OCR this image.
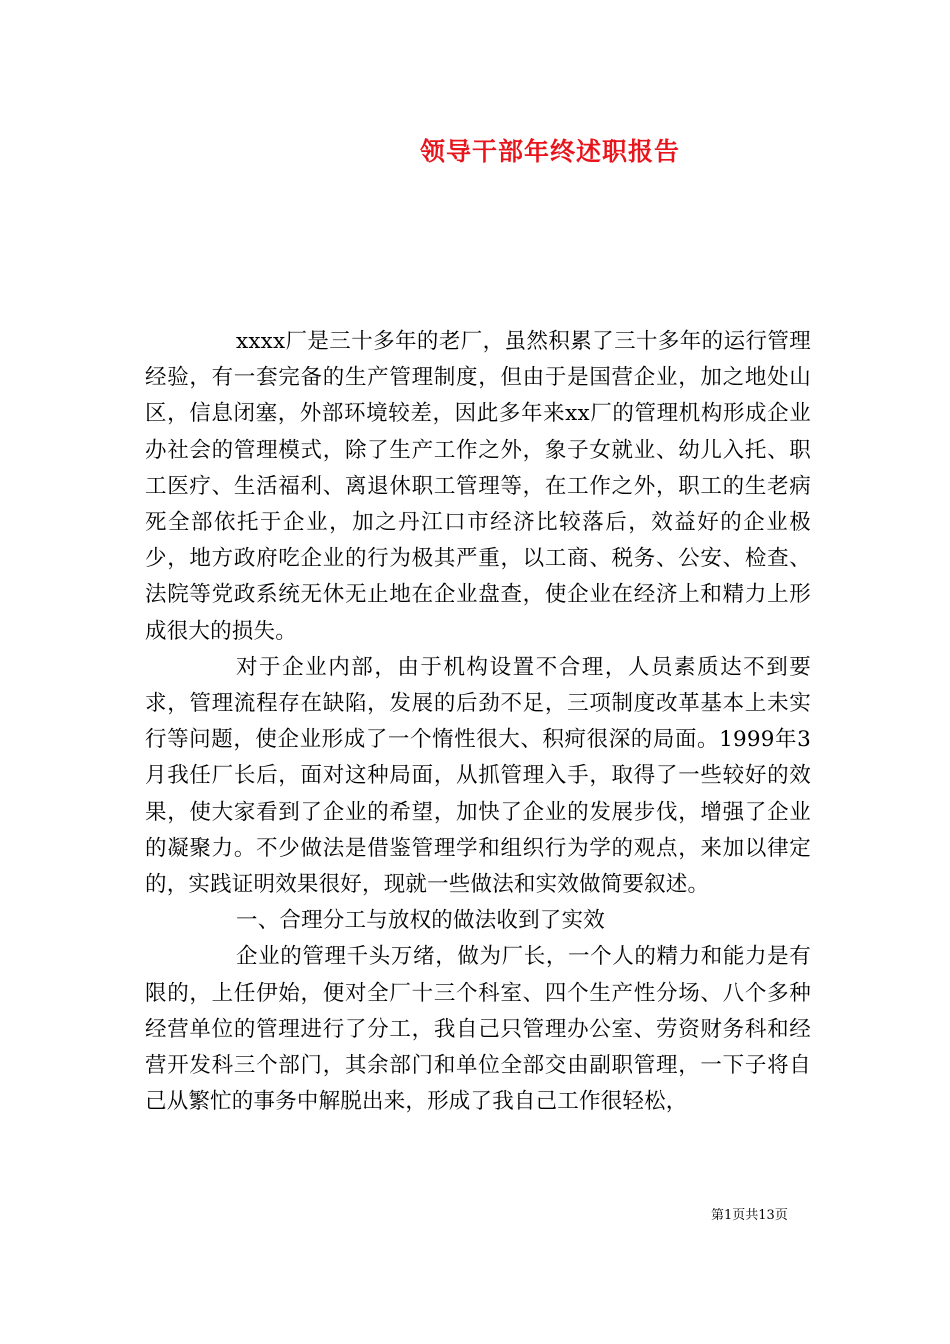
领导干部年终述职报告

xxxx厂是三十多年的老厂，虽然积累了三十多年的运行管理经验，有一套完备的生产管理制度，但由于是国营企业，加之地处山区，信息闭塞，外部环境较差，因此多年来xx厂的管理机构形成企业办社会的管理模式，除了生产工作之外，象子女就业、幼儿入托、职工医疗、生活福利、离退休职工管理等，在工作之外，职工的生老病死全部依托于企业，加之丹江口市经济比较落后，效益好的企业极少，地方政府吃企业的行为极其严重，以工商、税务、公安、检查、法院等党政系统无休无止地在企业盘查，使企业在经济上和精力上形成很大的损失。

对于企业内部，由于机构设置不合理，人员素质达不到要求，管理流程存在缺陷，发展的后劲不足，三项制度改革基本上未实行等问题，使企业形成了一个惰性很大、积疴很深的局面。1999年3月我任厂长后，面对这种局面，从抓管理入手，取得了一些较好的效果，使大家看到了企业的希望，加快了企业的发展步伐，增强了企业的凝聚力。不少做法是借鉴管理学和组织行为学的观点，来加以律定的，实践证明效果很好，现就一些做法和实效做简要叙述。

一、合理分工与放权的做法收到了实效

企业的管理千头万绪，做为厂长，一个人的精力和能力是有限的，上任伊始，便对全厂十三个科室、四个生产性分场、八个多种经营单位的管理进行了分工，我自己只管理办公室、劳资财务科和经营开发科三个部门，其余部门和单位全部交由副职管理，一下子将自己从繁忙的事务中解脱出来，形成了我自己工作很轻松，

第1页共13页
